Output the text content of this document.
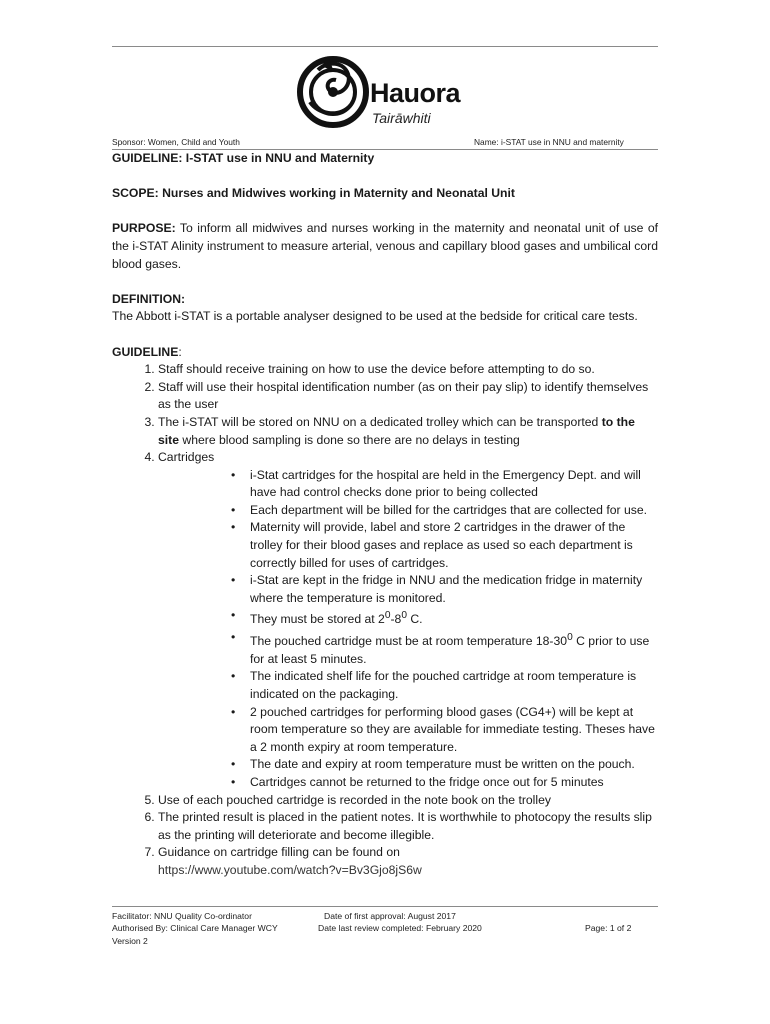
Hauora
Tairāwhiti
Sponsor: Women, Child and Youth	Name: i-STAT use in NNU and maternity

GUIDELINE: I-STAT use in NNU and Maternity

SCOPE: Nurses and Midwives working in Maternity and Neonatal Unit

PURPOSE: To inform all midwives and nurses working in the maternity and neonatal unit of use of the i-STAT Alinity instrument to measure arterial, venous and capillary blood gases and umbilical cord blood gases.

DEFINITION:

The Abbott i-STAT is a portable analyser designed to be used at the bedside for critical care tests.

GUIDELINE:

1. Staff should receive training on how to use the device before attempting to do so.
2. Staff will use their hospital identification number (as on their pay slip) to identify themselves as the user
3. The i-STAT will be stored on NNU on a dedicated trolley which can be transported to the site where blood sampling is done so there are no delays in testing
4. Cartridges
• i-Stat cartridges for the hospital are held in the Emergency Dept. and will have had control checks done prior to being collected
• Each department will be billed for the cartridges that are collected for use.
• Maternity will provide, label and store 2 cartridges in the drawer of the trolley for their blood gases and replace as used so each department is correctly billed for uses of cartridges.
• i-Stat are kept in the fridge in NNU and the medication fridge in maternity where the temperature is monitored.
• They must be stored at $2^0-8^0$ C.
• The pouched cartridge must be at room temperature $18-30^0$ C prior to use for at least 5 minutes.
• The indicated shelf life for the pouched cartridge at room temperature is indicated on the packaging.
• 2 pouched cartridges for performing blood gases (CG4+) will be kept at room temperature so they are available for immediate testing. Theses have a 2 month expiry at room temperature.
• The date and expiry at room temperature must be written on the pouch.
• Cartridges cannot be returned to the fridge once out for 5 minutes
5. Use of each pouched cartridge is recorded in the note book on the trolley
6. The printed result is placed in the patient notes. It is worthwhile to photocopy the results slip as the printing will deteriorate and become illegible.
7. Guidance on cartridge filling can be found on
https://www.youtube.com/watch?v=Bv3Gjo8jS6w
Facilitator: NNU Quality Co-ordinator
Authorised By: Clinical Care Manager WCY
Version 2
Date of first approval: August 2017
Date last review completed: February 2020	Page: 1 of 2
